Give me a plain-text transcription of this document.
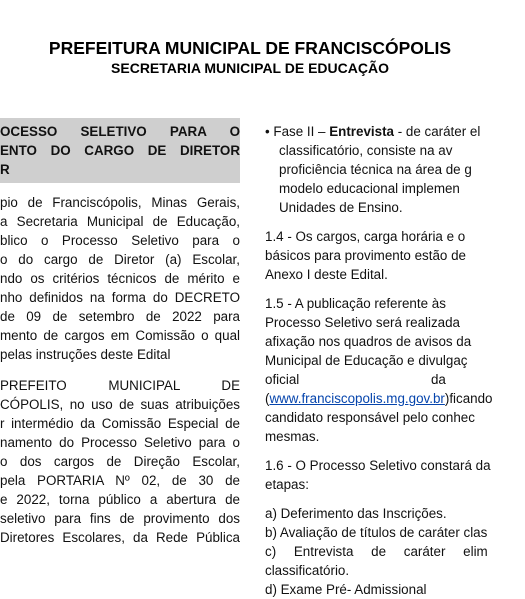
PREFEITURA MUNICIPAL DE FRANCISCÓPOLIS
SECRETARIA MUNICIPAL DE EDUCAÇÃO
OCESSO SELETIVO PARA O
ENTO DO CARGO DE DIRETOR
R
pio de Franciscópolis, Minas Gerais,
a Secretaria Municipal de Educação,
blico o Processo Seletivo para o
o do cargo de Diretor (a) Escolar,
ndo os critérios técnicos de mérito e
nho definidos na forma do DECRETO
de 09 de setembro de 2022 para
mento de cargos em Comissão o qual
pelas instruções deste Edital
PREFEITO MUNICIPAL DE
CÓPOLIS, no uso de suas atribuições
r intermédio da Comissão Especial de
namento do Processo Seletivo para o
o dos cargos de Direção Escolar,
pela PORTARIA Nº 02, de 30 de
e 2022, torna público a abertura de
seletivo para fins de provimento dos
Diretores Escolares, da Rede Pública
• Fase II – Entrevista - de caráter el
classificatório, consiste na av
proficiência técnica na área de g
modelo educacional implemen
Unidades de Ensino.
1.4 - Os cargos, carga horária e o
básicos para provimento estão de
Anexo I deste Edital.
1.5 - A publicação referente às
Processo Seletivo será realizada
afixação nos quadros de avisos da
Municipal de Educação e divulgaç
oficial da
(www.franciscopolis.mg.gov.br)ficando
candidato responsável pelo conhec
mesmas.
1.6 - O Processo Seletivo constará da
etapas:
a) Deferimento das Inscrições.
b) Avaliação de títulos de caráter clas
c) Entrevista de caráter elim
classificatório.
d) Exame Pré- Admissional
